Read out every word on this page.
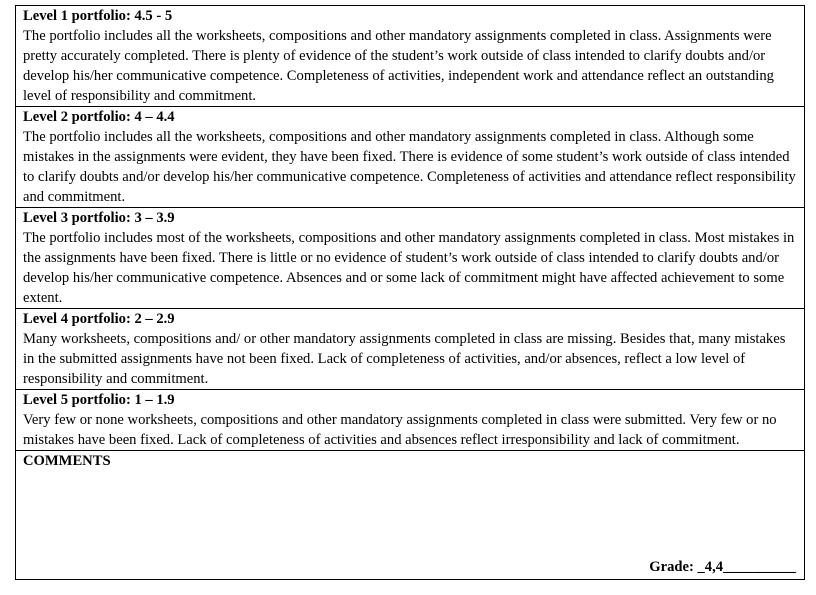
Level 1 portfolio: 4.5 - 5
The portfolio includes all the worksheets, compositions and other mandatory assignments completed in class. Assignments were pretty accurately completed. There is plenty of evidence of the student’s work outside of class intended to clarify doubts and/or develop his/her communicative competence. Completeness of activities, independent work and attendance reflect an outstanding level of responsibility and commitment.

Level 2 portfolio: 4 – 4.4
The portfolio includes all the worksheets, compositions and other mandatory assignments completed in class. Although some mistakes in the assignments were evident, they have been fixed. There is evidence of some student’s work outside of class intended to clarify doubts and/or develop his/her communicative competence. Completeness of activities and attendance reflect responsibility and commitment.

Level 3 portfolio: 3 – 3.9
The portfolio includes most of the worksheets, compositions and other mandatory assignments completed in class. Most mistakes in the assignments have been fixed. There is little or no evidence of student’s work outside of class intended to clarify doubts and/or develop his/her communicative competence. Absences and or some lack of commitment might have affected achievement to some extent.

Level 4 portfolio: 2 – 2.9
Many worksheets, compositions and/ or other mandatory assignments completed in class are missing. Besides that, many mistakes in the submitted assignments have not been fixed. Lack of completeness of activities, and/or absences, reflect a low level of responsibility and commitment.

Level 5 portfolio: 1 – 1.9
Very few or none worksheets, compositions and other mandatory assignments completed in class were submitted. Very few or no mistakes have been fixed. Lack of completeness of activities and absences reflect irresponsibility and lack of commitment.

COMMENTS
Grade: _4,4__________
